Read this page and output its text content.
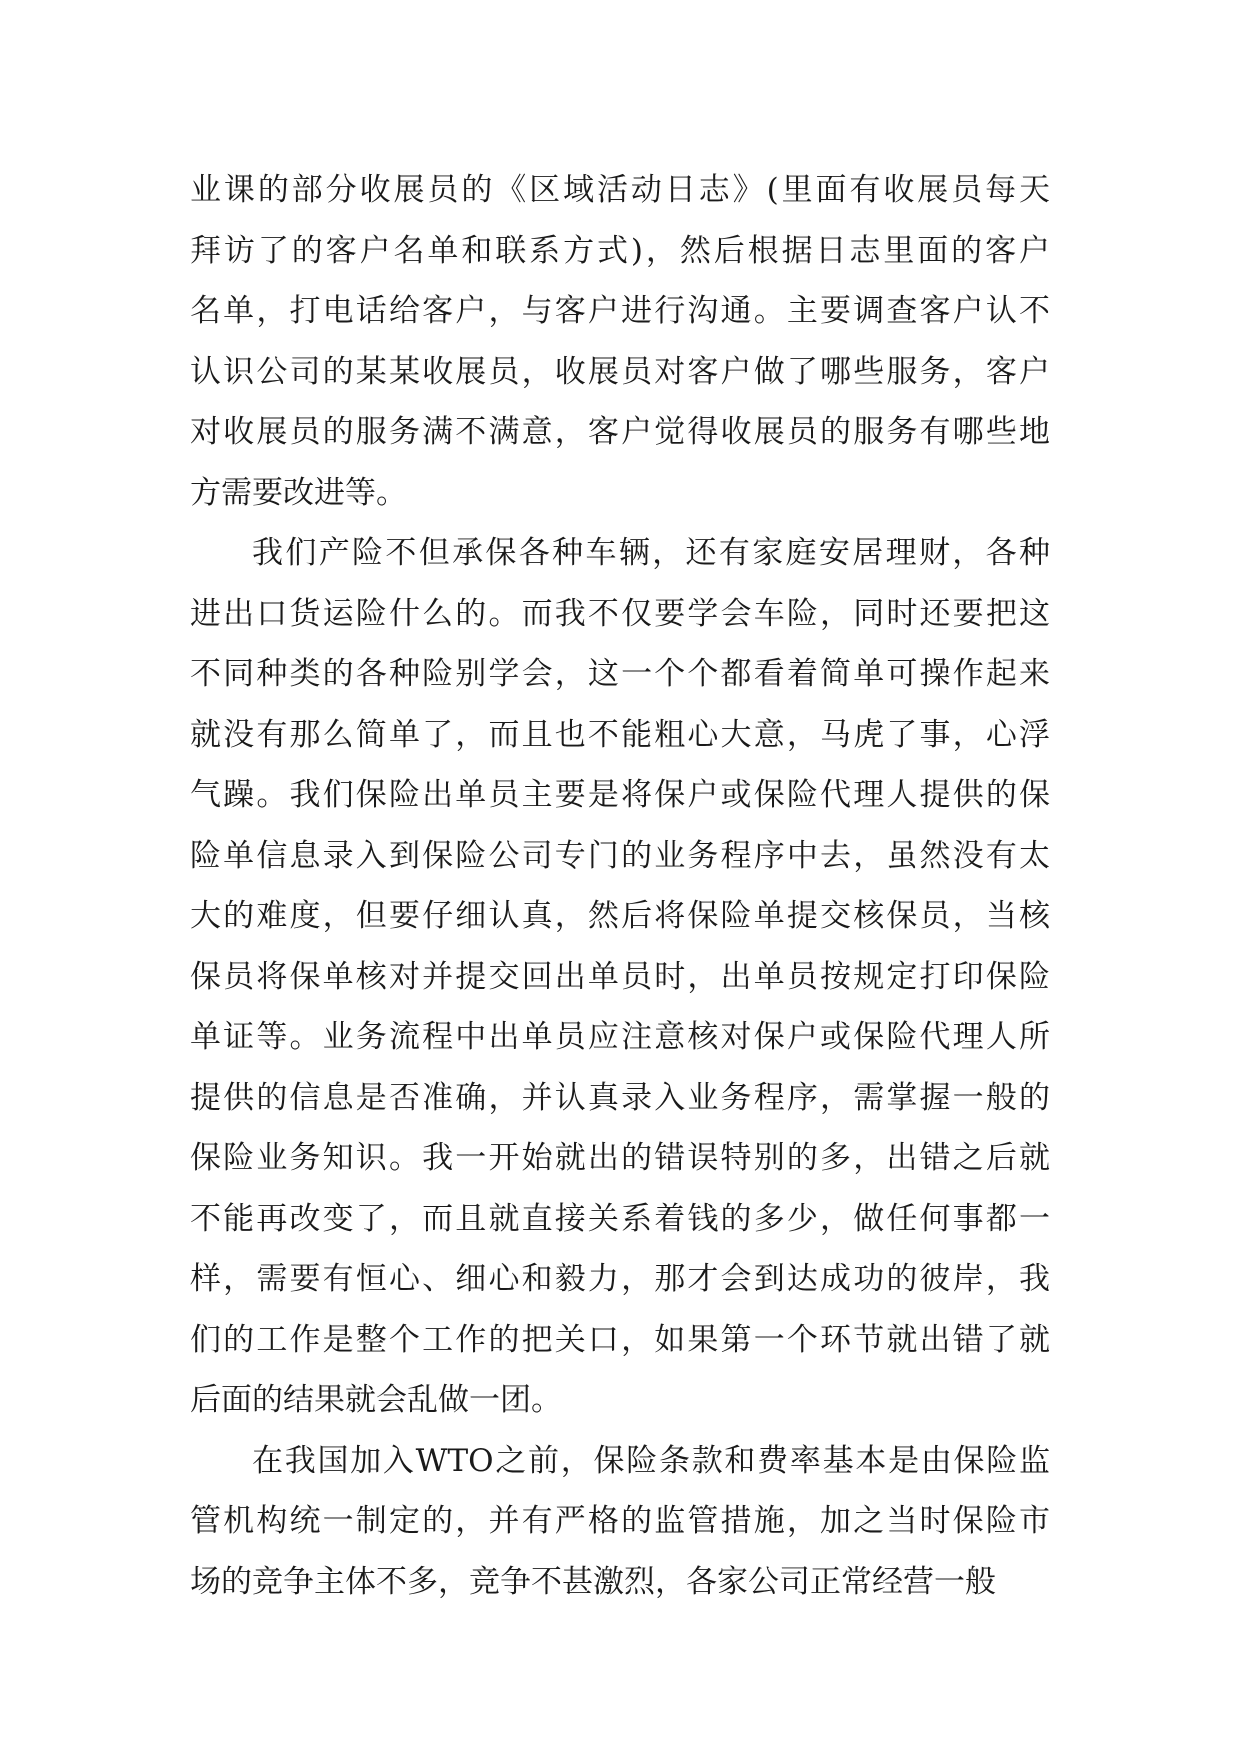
业课的部分收展员的《区域活动日志》(里面有收展员每天
拜访了的客户名单和联系方式)，然后根据日志里面的客户
名单，打电话给客户，与客户进行沟通。主要调查客户认不
认识公司的某某收展员，收展员对客户做了哪些服务，客户
对收展员的服务满不满意，客户觉得收展员的服务有哪些地
方需要改进等。
我们产险不但承保各种车辆，还有家庭安居理财，各种
进出口货运险什么的。而我不仅要学会车险，同时还要把这
不同种类的各种险别学会，这一个个都看着简单可操作起来
就没有那么简单了，而且也不能粗心大意，马虎了事，心浮
气躁。我们保险出单员主要是将保户或保险代理人提供的保
险单信息录入到保险公司专门的业务程序中去，虽然没有太
大的难度，但要仔细认真，然后将保险单提交核保员，当核
保员将保单核对并提交回出单员时，出单员按规定打印保险
单证等。业务流程中出单员应注意核对保户或保险代理人所
提供的信息是否准确，并认真录入业务程序，需掌握一般的
保险业务知识。我一开始就出的错误特别的多，出错之后就
不能再改变了，而且就直接关系着钱的多少，做任何事都一
样，需要有恒心、细心和毅力，那才会到达成功的彼岸，我
们的工作是整个工作的把关口，如果第一个环节就出错了就
后面的结果就会乱做一团。
在我国加入WTO之前，保险条款和费率基本是由保险监
管机构统一制定的，并有严格的监管措施，加之当时保险市
场的竞争主体不多，竞争不甚激烈，各家公司正常经营一般
